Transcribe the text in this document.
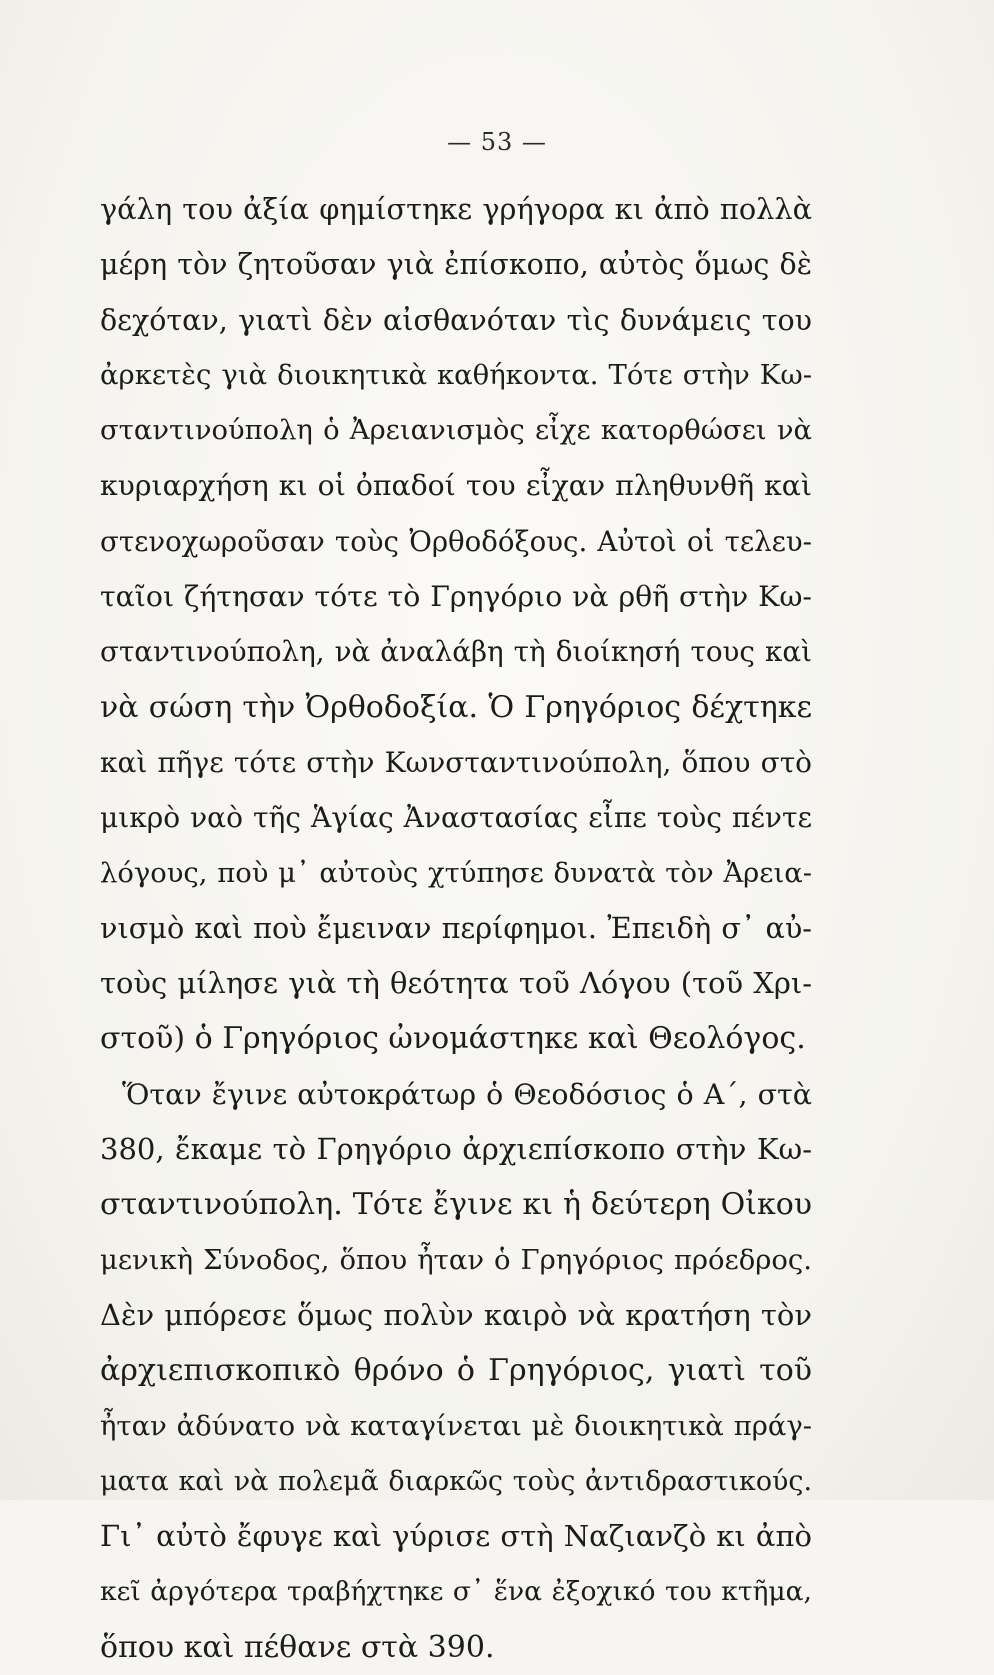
— 53 —
γάλη του ἀξία φημίστηκε γρήγορα κι ἀπὸ πολλὰ
μέρη τὸν ζητοῦσαν γιὰ ἐπίσκοπο, αὐτὸς ὅμως δὲ
δεχόταν, γιατὶ δὲν αἰσθανόταν τὶς δυνάμεις του
ἀρκετὲς γιὰ διοικητικὰ καθήκοντα. Τότε στὴν Κω-
σταντινούπολη ὁ Ἀρειανισμὸς εἶχε κατορθώσει νὰ
κυριαρχήση κι οἱ ὀπαδοί του εἶχαν πληθυνθῆ καὶ
στενοχωροῦσαν τοὺς Ὀρθοδόξους. Αὐτοὶ οἱ τελευ-
ταῖοι ζήτησαν τότε τὸ Γρηγόριο νὰ ρθῆ στὴν Κω-
σταντινούπολη, νὰ ἀναλάβη τὴ διοίκησή τους καὶ
νὰ σώση τὴν Ὀρθοδοξία. Ὁ Γρηγόριος δέχτηκε
καὶ πῆγε τότε στὴν Κωνσταντινούπολη, ὅπου στὸ
μικρὸ ναὸ τῆς Ἁγίας Ἀναστασίας εἶπε τοὺς πέντε
λόγους, ποὺ μ᾿ αὐτοὺς χτύπησε δυνατὰ τὸν Ἀρεια-
νισμὸ καὶ ποὺ ἔμειναν περίφημοι. Ἐπειδὴ σ᾿ αὐ-
τοὺς μίλησε γιὰ τὴ θεότητα τοῦ Λόγου (τοῦ Χρι-
στοῦ) ὁ Γρηγόριος ὠνομάστηκε καὶ Θεολόγος.
Ὅταν ἔγινε αὐτοκράτωρ ὁ Θεοδόσιος ὁ Α΄, στὰ
380, ἔκαμε τὸ Γρηγόριο ἀρχιεπίσκοπο στὴν Κω-
σταντινούπολη. Τότε ἔγινε κι ἡ δεύτερη Οἰκου
μενικὴ Σύνοδος, ὅπου ἦταν ὁ Γρηγόριος πρόεδρος.
Δὲν μπόρεσε ὅμως πολὺν καιρὸ νὰ κρατήση τὸν
ἀρχιεπισκοπικὸ θρόνο ὁ Γρηγόριος, γιατὶ τοῦ
ἦταν ἀδύνατο νὰ καταγίνεται μὲ διοικητικὰ πράγ-
ματα καὶ νὰ πολεμᾶ διαρκῶς τοὺς ἀντιδραστικούς.
Γι᾿ αὐτὸ ἔφυγε καὶ γύρισε στὴ Ναζιανζὸ κι ἀπὸ
κεῖ ἀργότερα τραβήχτηκε σ᾿ ἕνα ἐξοχικό του κτῆμα,
ὅπου καὶ πέθανε στὰ 390.
